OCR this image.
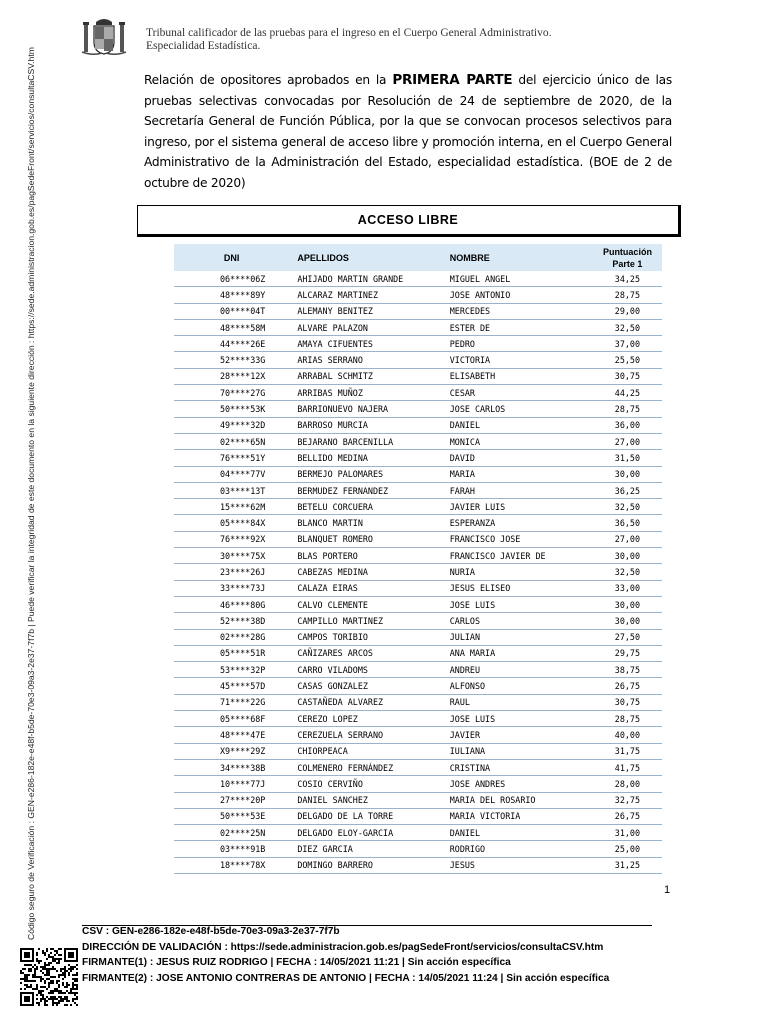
Tribunal calificador de las pruebas para el ingreso en el Cuerpo General Administrativo.
Especialidad Estadística.
Relación de opositores aprobados en la PRIMERA PARTE del ejercicio único de las pruebas selectivas convocadas por Resolución de 24 de septiembre de 2020, de la Secretaría General de Función Pública, por la que se convocan procesos selectivos para ingreso, por el sistema general de acceso libre y promoción interna, en el Cuerpo General Administrativo de la Administración del Estado, especialidad estadística. (BOE de 2 de octubre de 2020)
ACCESO LIBRE
DNI	APELLIDOS	NOMBRE	Puntuación
Parte 1
06****06Z	AHIJADO MARTIN GRANDE	MIGUEL ANGEL	34,25
48****89Y	ALCARAZ MARTINEZ	JOSE ANTONIO	28,75
00****04T	ALEMANY BENITEZ	MERCEDES	29,00
48****58M	ALVARE PALAZON	ESTER DE	32,50
44****26E	AMAYA CIFUENTES	PEDRO	37,00
52****33G	ARIAS SERRANO	VICTORIA	25,50
28****12X	ARRABAL SCHMITZ	ELISABETH	30,75
70****27G	ARRIBAS MUÑOZ	CESAR	44,25
50****53K	BARRIONUEVO NAJERA	JOSE CARLOS	28,75
49****32D	BARROSO MURCIA	DANIEL	36,00
02****65N	BEJARANO BARCENILLA	MONICA	27,00
76****51Y	BELLIDO MEDINA	DAVID	31,50
04****77V	BERMEJO PALOMARES	MARIA	30,00
03****13T	BERMUDEZ FERNANDEZ	FARAH	36,25
15****62M	BETELU CORCUERA	JAVIER LUIS	32,50
05****84X	BLANCO MARTIN	ESPERANZA	36,50
76****92X	BLANQUET ROMERO	FRANCISCO JOSE	27,00
30****75X	BLAS PORTERO	FRANCISCO JAVIER DE	30,00
23****26J	CABEZAS MEDINA	NURIA	32,50
33****73J	CALAZA EIRAS	JESUS ELISEO	33,00
46****80G	CALVO CLEMENTE	JOSE LUIS	30,00
52****38D	CAMPILLO MARTINEZ	CARLOS	30,00
02****28G	CAMPOS TORIBIO	JULIAN	27,50
05****51R	CAÑIZARES ARCOS	ANA MARIA	29,75
53****32P	CARRO VILADOMS	ANDREU	38,75
45****57D	CASAS GONZALEZ	ALFONSO	26,75
71****22G	CASTAÑEDA ALVAREZ	RAUL	30,75
05****68F	CEREZO LOPEZ	JOSE LUIS	28,75
48****47E	CEREZUELA SERRANO	JAVIER	40,00
X9****29Z	CHIORPEACA	IULIANA	31,75
34****38B	COLMENERO FERNÁNDEZ	CRISTINA	41,75
10****77J	COSIO CERVIÑO	JOSE ANDRES	28,00
27****20P	DANIEL SANCHEZ	MARIA DEL ROSARIO	32,75
50****53E	DELGADO DE LA TORRE	MARIA VICTORIA	26,75
02****25N	DELGADO ELOY-GARCIA	DANIEL	31,00
03****91B	DIEZ GARCIA	RODRIGO	25,00
18****78X	DOMINGO BARRERO	JESUS	31,25
1
CSV : GEN-e286-182e-e48f-b5de-70e3-09a3-2e37-7f7b
DIRECCIÓN DE VALIDACIÓN : https://sede.administracion.gob.es/pagSedeFront/servicios/consultaCSV.htm
FIRMANTE(1) : JESUS RUIZ RODRIGO | FECHA : 14/05/2021 11:21 | Sin acción específica
FIRMANTE(2) : JOSE ANTONIO CONTRERAS DE ANTONIO | FECHA : 14/05/2021 11:24 | Sin acción específica
Código seguro de Verificación : GEN-e286-182e-e48f-b5de-70e3-09a3-2e37-7f7b | Puede verificar la integridad de este documento en la siguiente dirección : https://sede.administracion.gob.es/pagSedeFront/servicios/consultaCSV.htm
